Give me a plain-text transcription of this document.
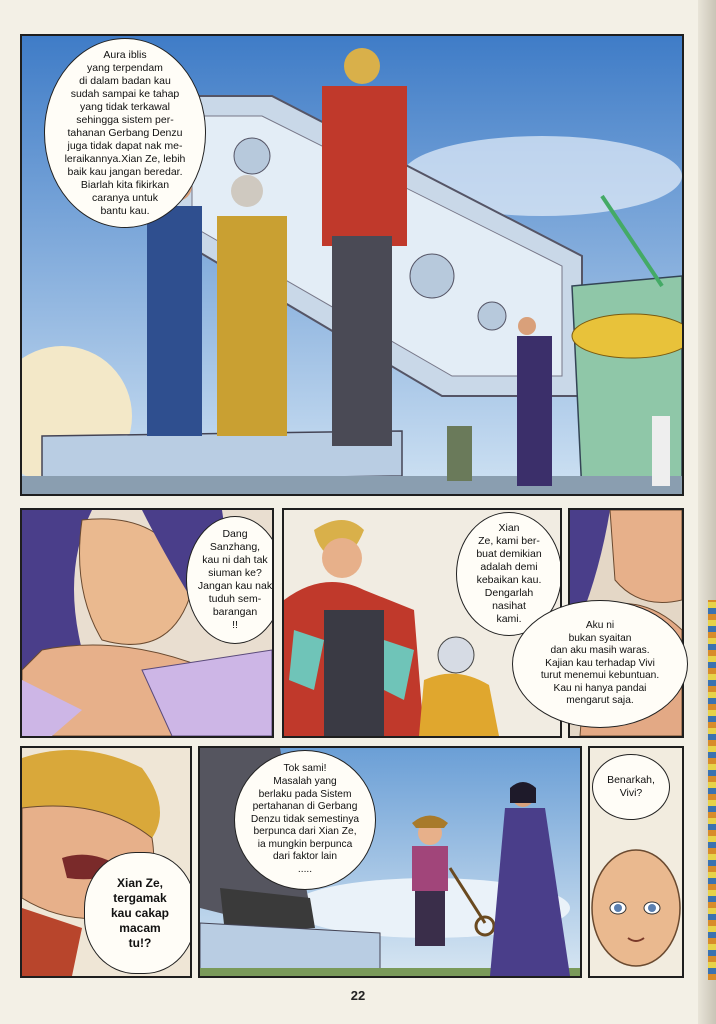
Aura iblis
yang terpendam
di dalam badan kau
sudah sampai ke tahap
yang tidak terkawal
sehingga sistem per-
tahanan Gerbang Denzu
juga tidak dapat nak me-
leraikannya.Xian Ze, lebih
baik kau jangan beredar.
Biarlah kita fikirkan
caranya untuk
bantu kau.
Dang
Sanzhang,
kau ni dah tak
siuman ke?
Jangan kau nak
tuduh sem-
barangan
!!
Xian
Ze, kami ber-
buat demikian
adalah demi
kebaikan kau.
Dengarlah
nasihat
kami.
Aku ni
bukan syaitan
dan aku masih waras.
Kajian kau terhadap Vivi
turut menemui kebuntuan.
Kau ni hanya pandai
mengarut saja.
Xian Ze,
tergamak
kau cakap
macam
tu!?
Tok sami!
Masalah yang
berlaku pada Sistem
pertahanan di Gerbang
Denzu tidak semestinya
berpunca dari Xian Ze,
ia mungkin berpunca
dari faktor lain
.....
Benarkah,
Vivi?
22
